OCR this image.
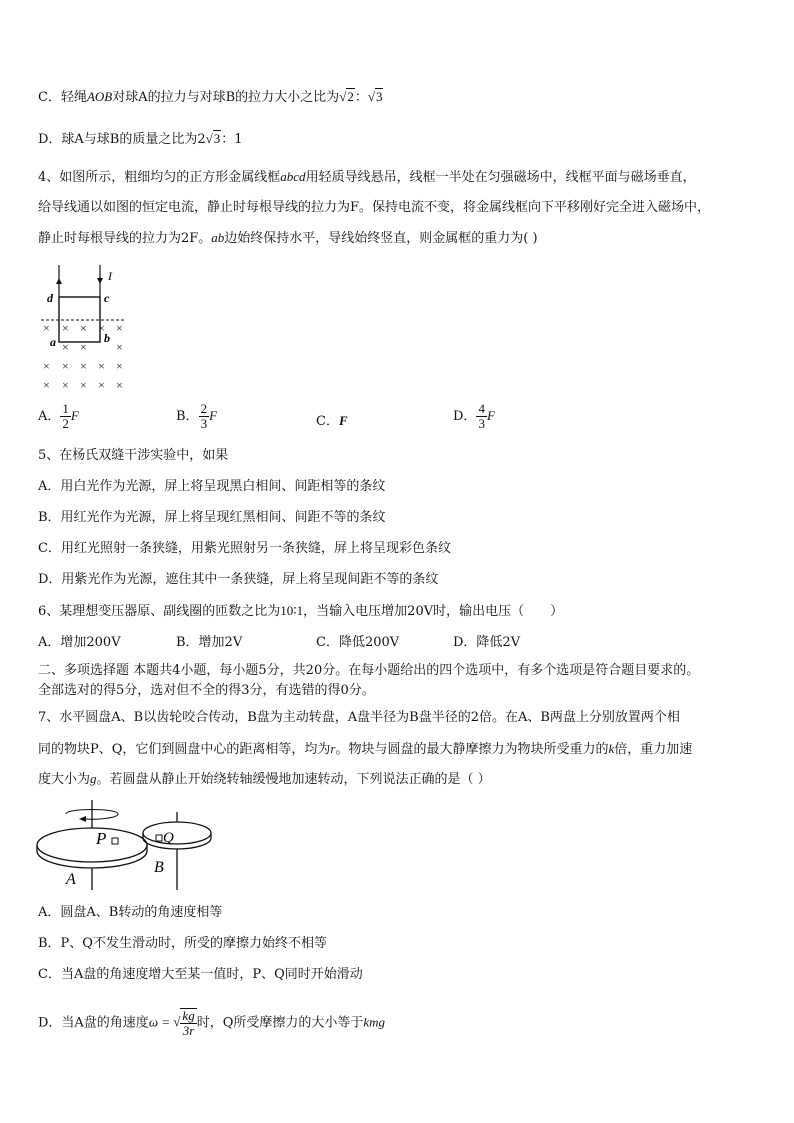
C．轻绳AOB对球A的拉力与对球B的拉力大小之比为√2：√3
D．球A与球B的质量之比为2√3：1
4、如图所示，粗细均匀的正方形金属线框abcd用轻质导线悬吊，线框一半处在匀强磁场中，线框平面与磁场垂直，
给导线通以如图的恒定电流，静止时每根导线的拉力为F。保持电流不变，将金属线框向下平移刚好完全进入磁场中，
静止时每根导线的拉力为2F。ab边始终保持水平，导线始终竖直，则金属框的重力为( )
d	c
a	b
I
× × × × ×
× × ×
× × × × ×
× × × × ×
A． $\frac{1}{2}$ F	B． $\frac{2}{3}$ F	C．F	D． $\frac{4}{3}$ F
5、在杨氏双缝干涉实验中，如果
A．用白光作为光源，屏上将呈现黑白相间、间距相等的条纹
B．用红光作为光源，屏上将呈现红黑相间、间距不等的条纹
C．用红光照射一条狭缝，用紫光照射另一条狭缝，屏上将呈现彩色条纹
D．用紫光作为光源，遮住其中一条狭缝，屏上将呈现间距不等的条纹
6、某理想变压器原、副线圈的匝数之比为10∶1，当输入电压增加20V时，输出电压（　　）
A．增加200V	B．增加2V	C．降低200V	D．降低2V
二、多项选择题 本题共4小题，每小题5分，共20分。在每小题给出的四个选项中，有多个选项是符合题目要求的。
全部选对的得5分，选对但不全的得3分，有选错的得0分。
7、水平圆盘A、B以齿轮咬合传动，B盘为主动转盘，A盘半径为B盘半径的2倍。在A、B两盘上分别放置两个相
同的物块P、Q，它们到圆盘中心的距离相等，均为r。物块与圆盘的最大静摩擦力为物块所受重力的k倍，重力加速
度大小为g。若圆盘从静止开始绕转轴缓慢地加速转动，下列说法正确的是（ ）
P	Q
A
B
A．圆盘A、B转动的角速度相等
B．P、Q不发生滑动时，所受的摩擦力始终不相等
C．当A盘的角速度增大至某一值时，P、Q同时开始滑动
D．当A盘的角速度ω = √ $\frac{kg}{3r}$ 时，Q所受摩擦力的大小等于kmg
